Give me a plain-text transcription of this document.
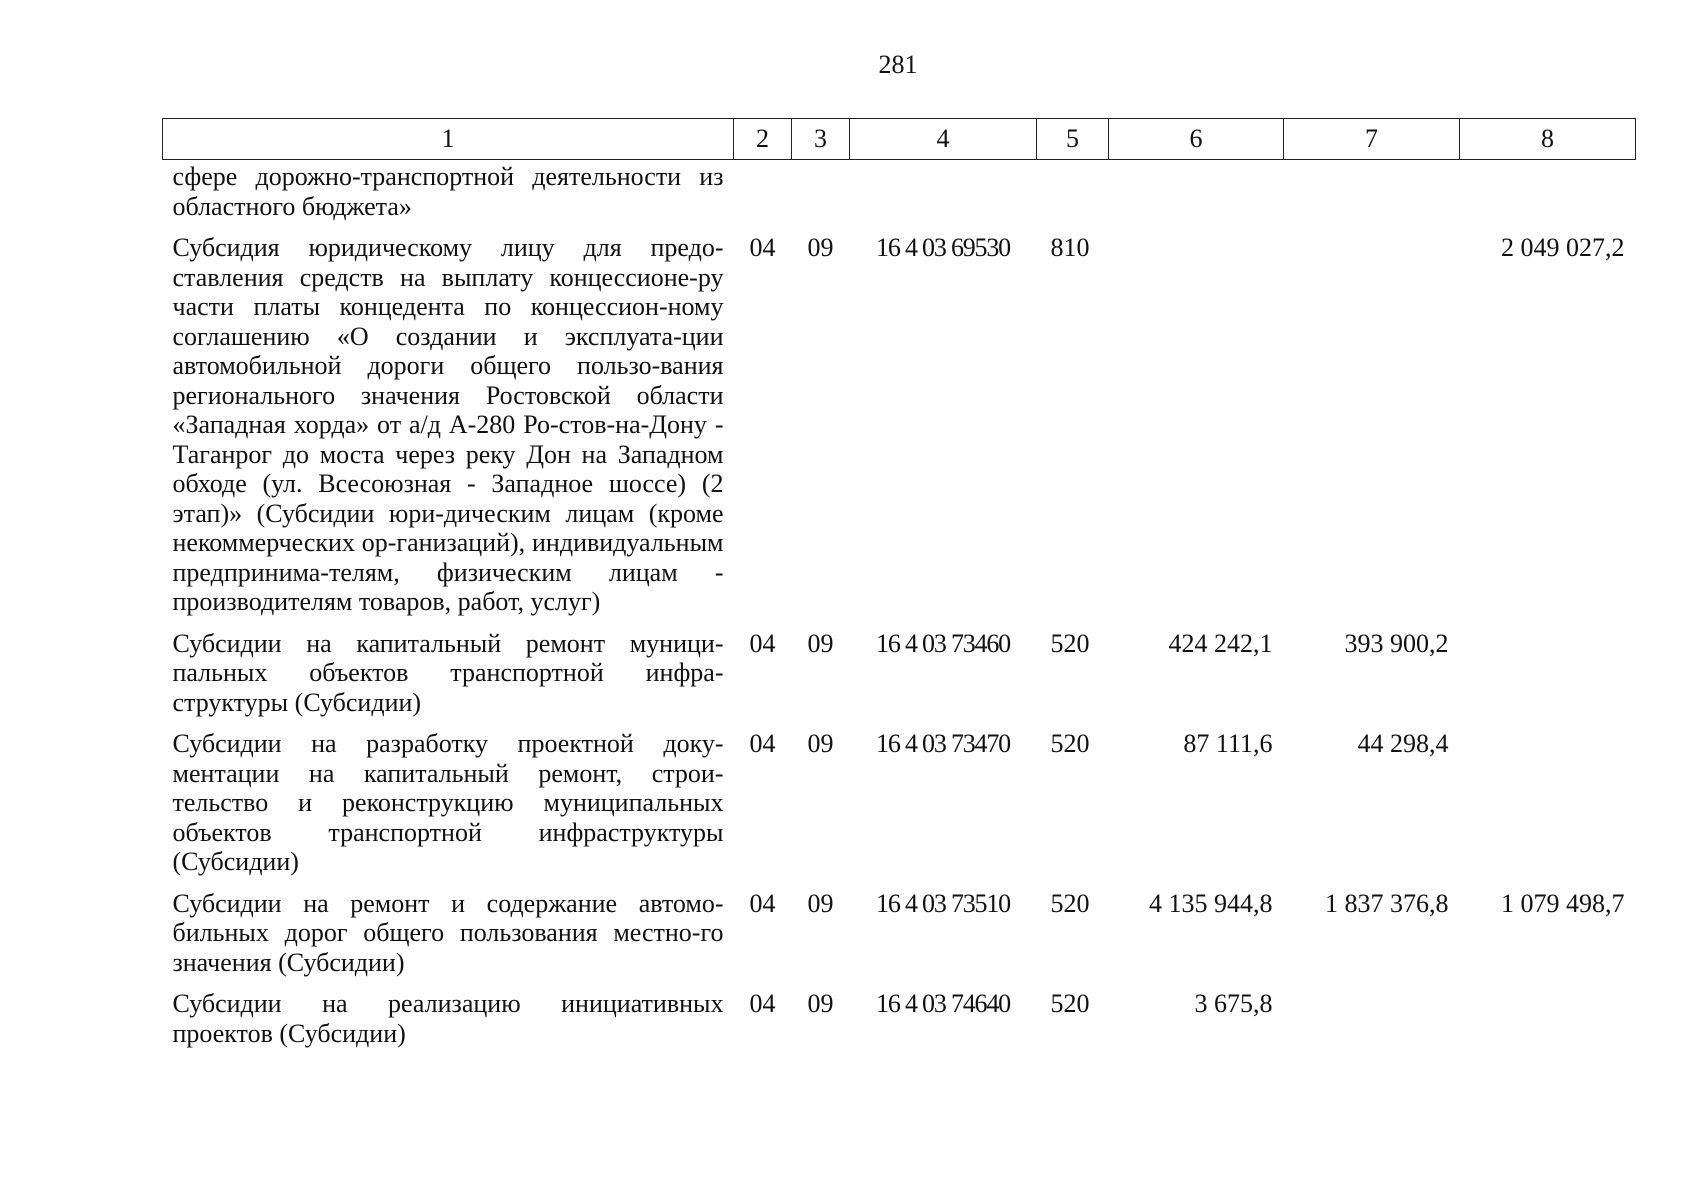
281
1	2	3	4	5	6	7	8
сфере дорожно-транспортной деятельности из областного бюджета»							
Субсидия юридическому лицу для предо-ставления средств на выплату концессионе-ру части платы концедента по концессион-ному соглашению «О создании и эксплуата-ции автомобильной дороги общего пользо-вания регионального значения Ростовской области «Западная хорда» от а/д А-280 Ро-стов-на-Дону - Таганрог до моста через реку Дон на Западном обходе (ул. Всесоюзная - Западное шоссе) (2 этап)» (Субсидии юри-дическим лицам (кроме некоммерческих ор-ганизаций), индивидуальным предпринима-телям, физическим лицам - производителям товаров, работ, услуг)	04	09	16 4 03 69530	810			2 049 027,2
Субсидии на капитальный ремонт муници-пальных объектов транспортной инфра-структуры (Субсидии)	04	09	16 4 03 73460	520	424 242,1	393 900,2	
Субсидии на разработку проектной доку-ментации на капитальный ремонт, строи-тельство и реконструкцию муниципальных объектов транспортной инфраструктуры (Субсидии)	04	09	16 4 03 73470	520	87 111,6	44 298,4	
Субсидии на ремонт и содержание автомо-бильных дорог общего пользования местно-го значения (Субсидии)	04	09	16 4 03 73510	520	4 135 944,8	1 837 376,8	1 079 498,7
Субсидии на реализацию инициативных проектов (Субсидии)	04	09	16 4 03 74640	520	3 675,8		
